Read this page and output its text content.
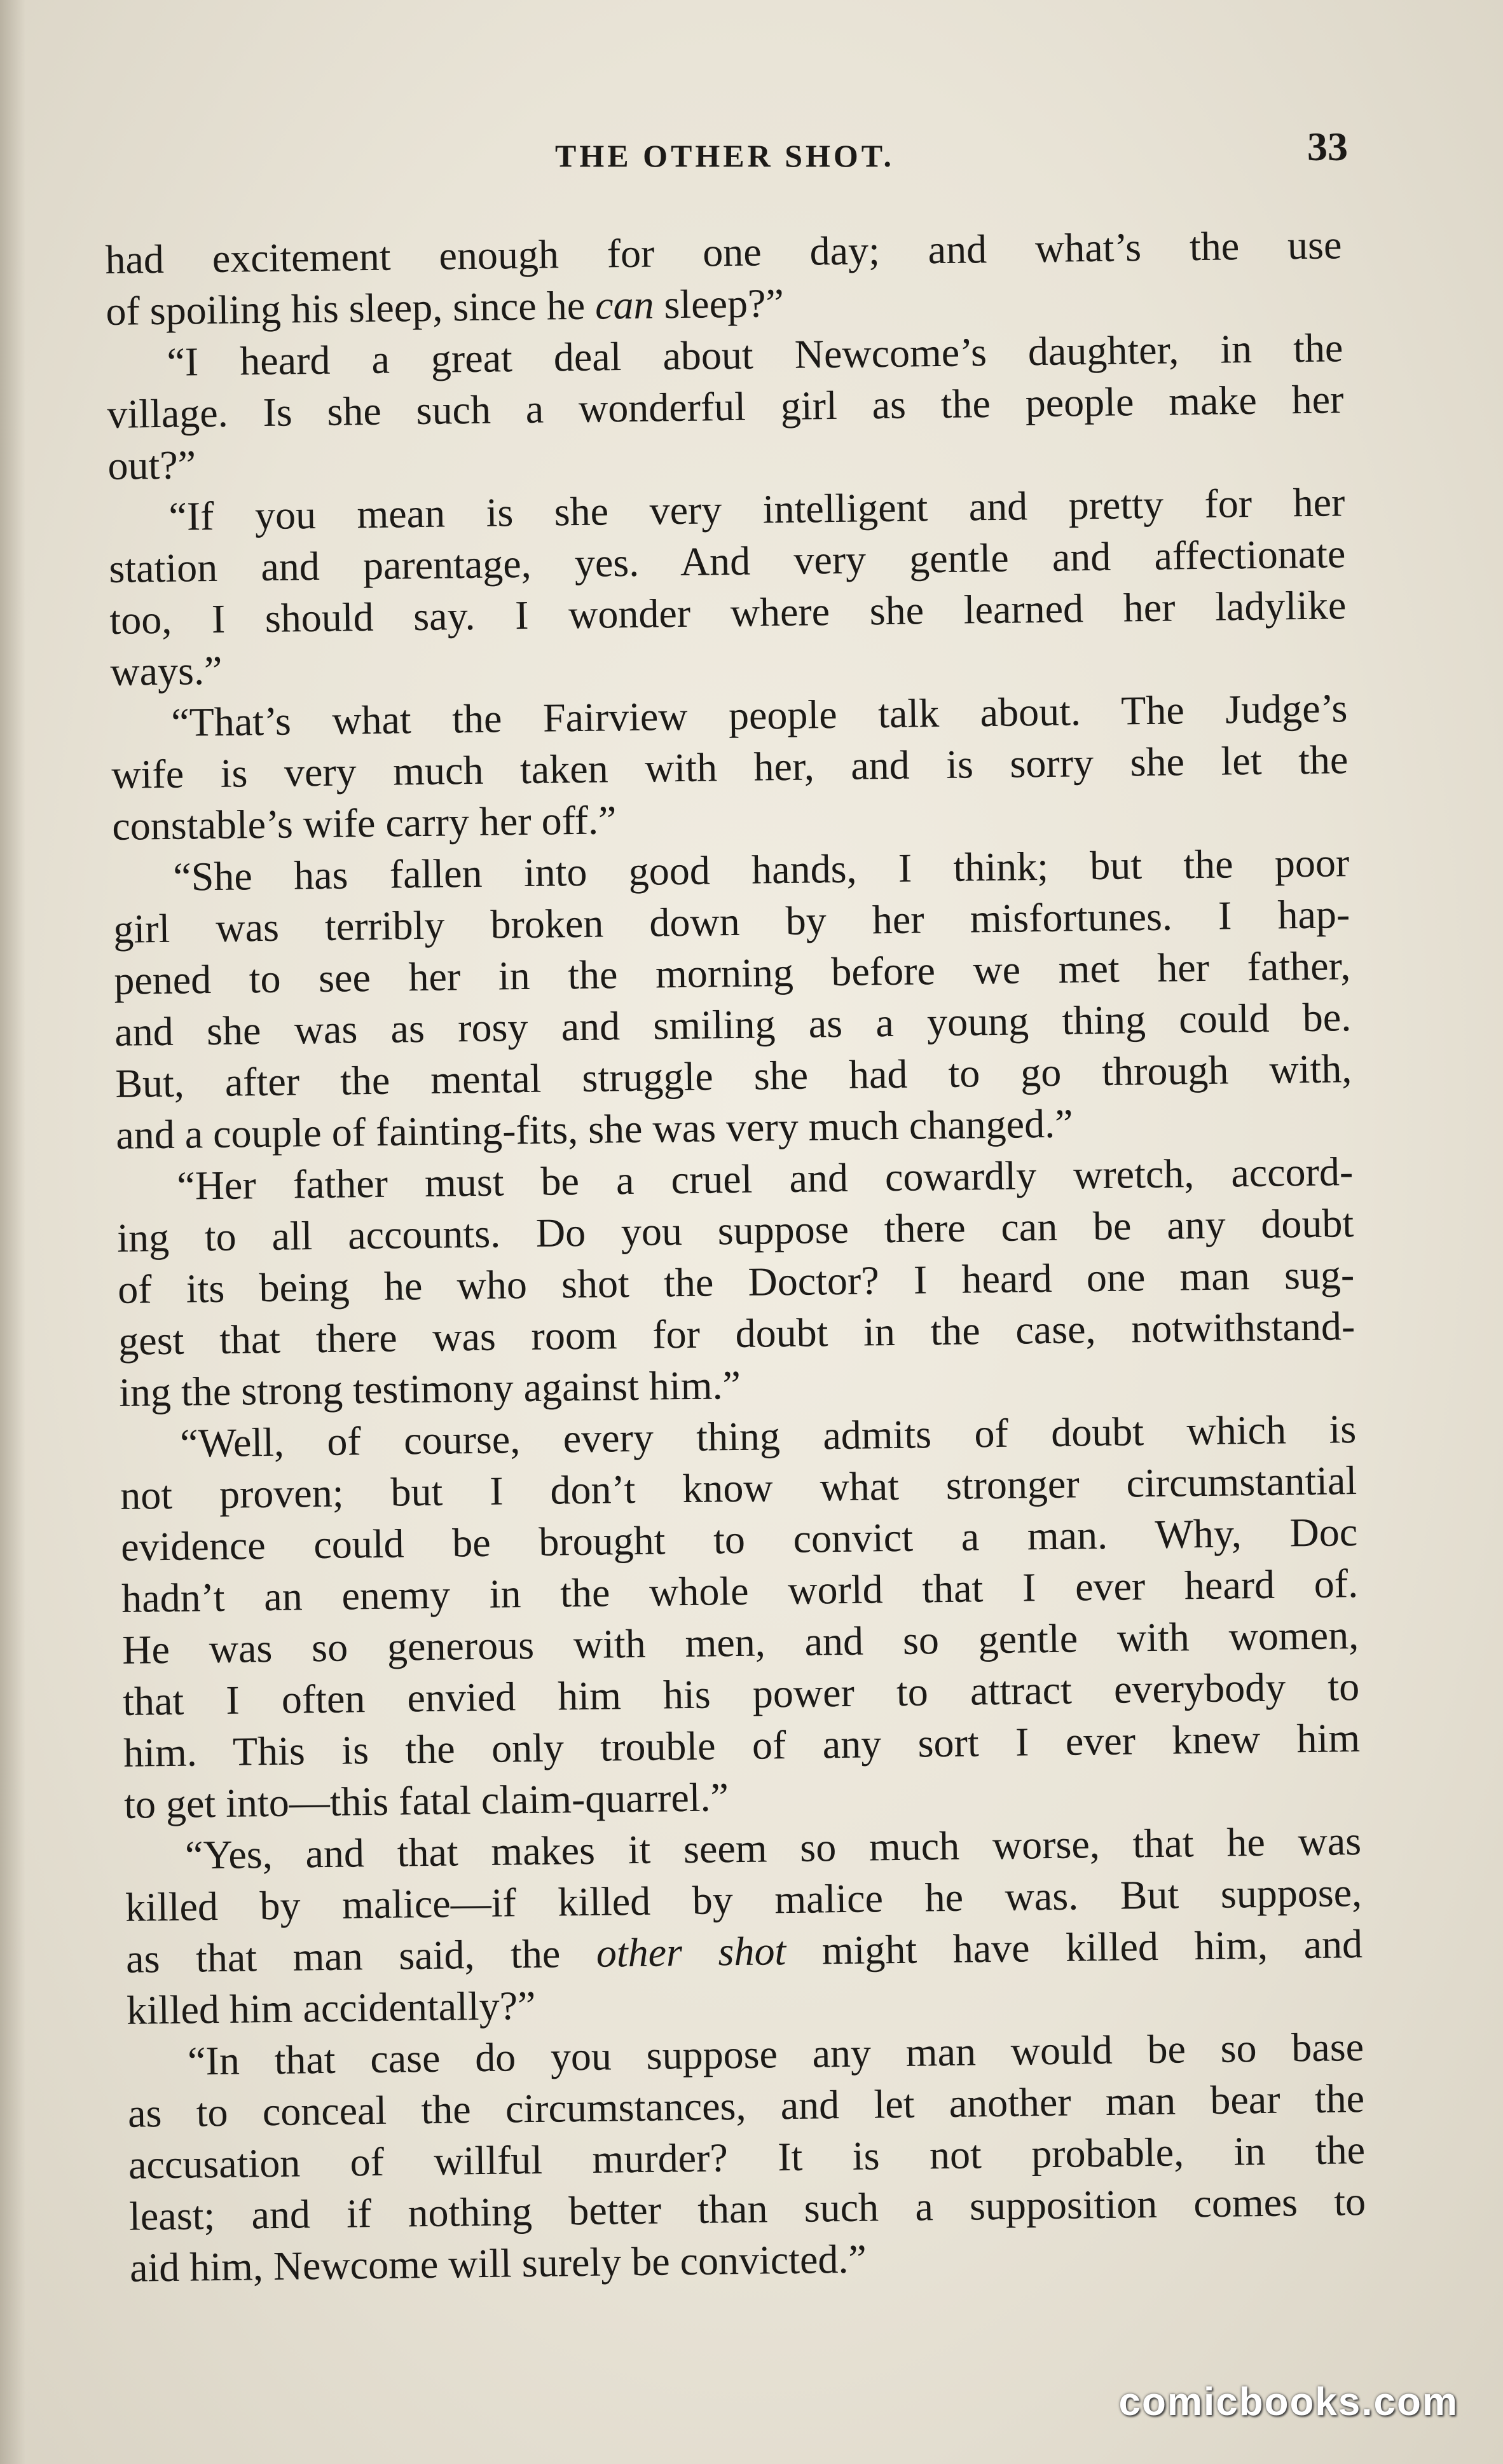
THE OTHER SHOT.	33
had excitement enough for one day; and what’s the use
of spoiling his sleep, since he can sleep?”
“I heard a great deal about Newcome’s daughter, in the
village. Is she such a wonderful girl as the people make her
out?”
“If you mean is she very intelligent and pretty for her
station and parentage, yes. And very gentle and affectionate
too, I should say. I wonder where she learned her ladylike
ways.”
“That’s what the Fairview people talk about. The Judge’s
wife is very much taken with her, and is sorry she let the
constable’s wife carry her off.”
“She has fallen into good hands, I think; but the poor
girl was terribly broken down by her misfortunes. I hap-
pened to see her in the morning before we met her father,
and she was as rosy and smiling as a young thing could be.
But, after the mental struggle she had to go through with,
and a couple of fainting-fits, she was very much changed.”
“Her father must be a cruel and cowardly wretch, accord-
ing to all accounts. Do you suppose there can be any doubt
of its being he who shot the Doctor? I heard one man sug-
gest that there was room for doubt in the case, notwithstand-
ing the strong testimony against him.”
“Well, of course, every thing admits of doubt which is
not proven; but I don’t know what stronger circumstantial
evidence could be brought to convict a man. Why, Doc
hadn’t an enemy in the whole world that I ever heard of.
He was so generous with men, and so gentle with women,
that I often envied him his power to attract everybody to
him. This is the only trouble of any sort I ever knew him
to get into—this fatal claim-quarrel.”
“Yes, and that makes it seem so much worse, that he was
killed by malice—if killed by malice he was. But suppose,
as that man said, the other shot might have killed him, and
killed him accidentally?”
“In that case do you suppose any man would be so base
as to conceal the circumstances, and let another man bear the
accusation of willful murder? It is not probable, in the
least; and if nothing better than such a supposition comes to
aid him, Newcome will surely be convicted.”
comicbooks.com
